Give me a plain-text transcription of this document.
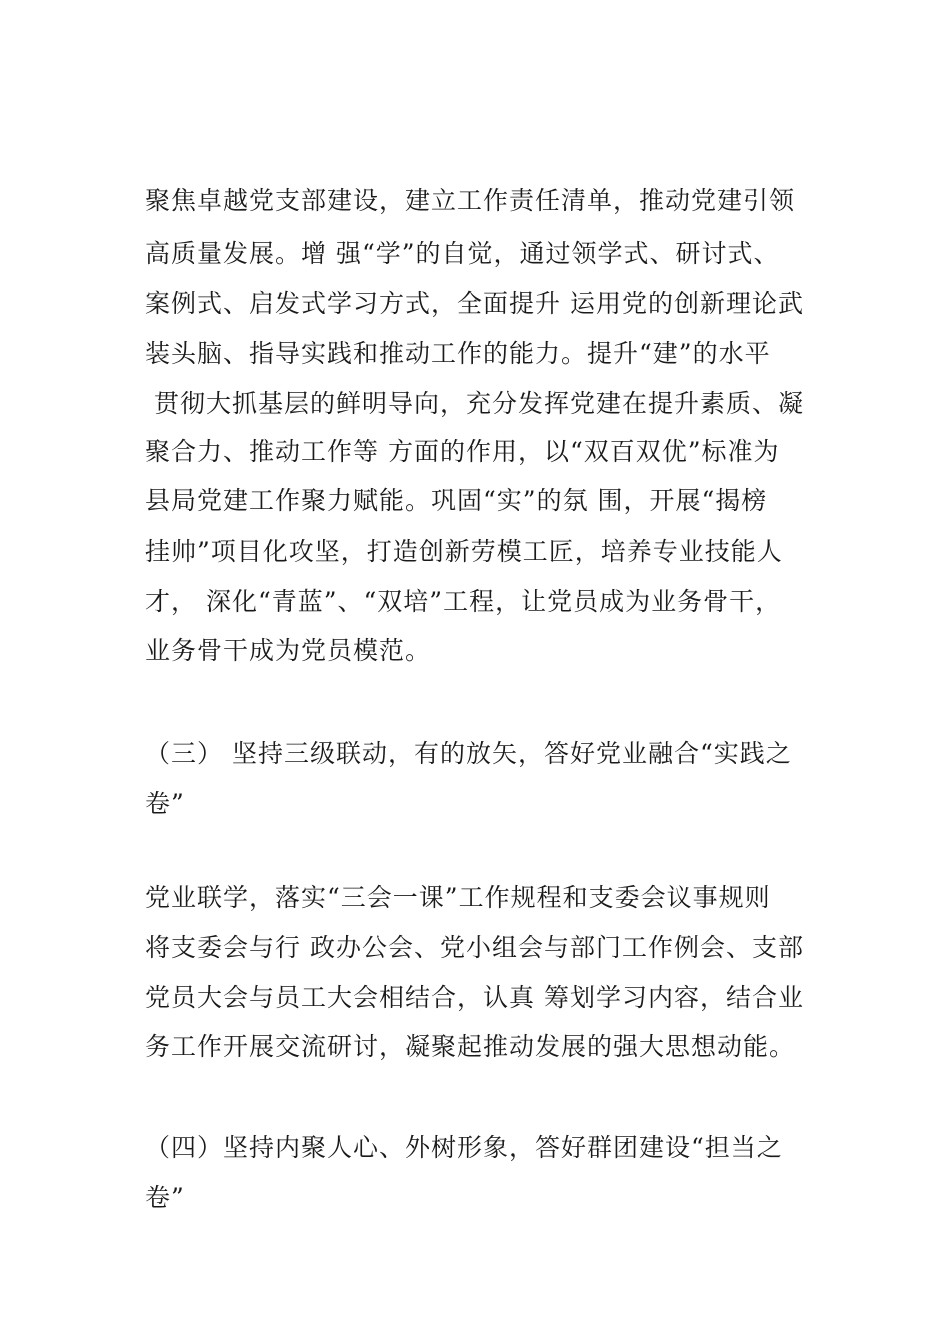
聚焦卓越党支部建设，建立工作责任清单，推动党建引领

高质量发展。增 强“学”的自觉，通过领学式、研讨式、

案例式、启发式学习方式，全面提升 运用党的创新理论武

装头脑、指导实践和推动工作的能力。提升“建”的水平

贯彻大抓基层的鲜明导向，充分发挥党建在提升素质、凝

聚合力、推动工作等 方面的作用，以“双百双优”标准为

县局党建工作聚力赋能。巩固“实”的氛 围，开展“揭榜

挂帅”项目化攻坚，打造创新劳模工匠，培养专业技能人

才， 深化“青蓝”、“双培”工程，让党员成为业务骨干，

业务骨干成为党员模范。

（三） 坚持三级联动，有的放矢，答好党业融合“实践之

卷”

党业联学，落实“三会一课”工作规程和支委会议事规则

将支委会与行 政办公会、党小组会与部门工作例会、支部

党员大会与员工大会相结合，认真 筹划学习内容，结合业

务工作开展交流研讨，凝聚起推动发展的强大思想动能。

（四）坚持内聚人心、外树形象，答好群团建设“担当之

卷”
